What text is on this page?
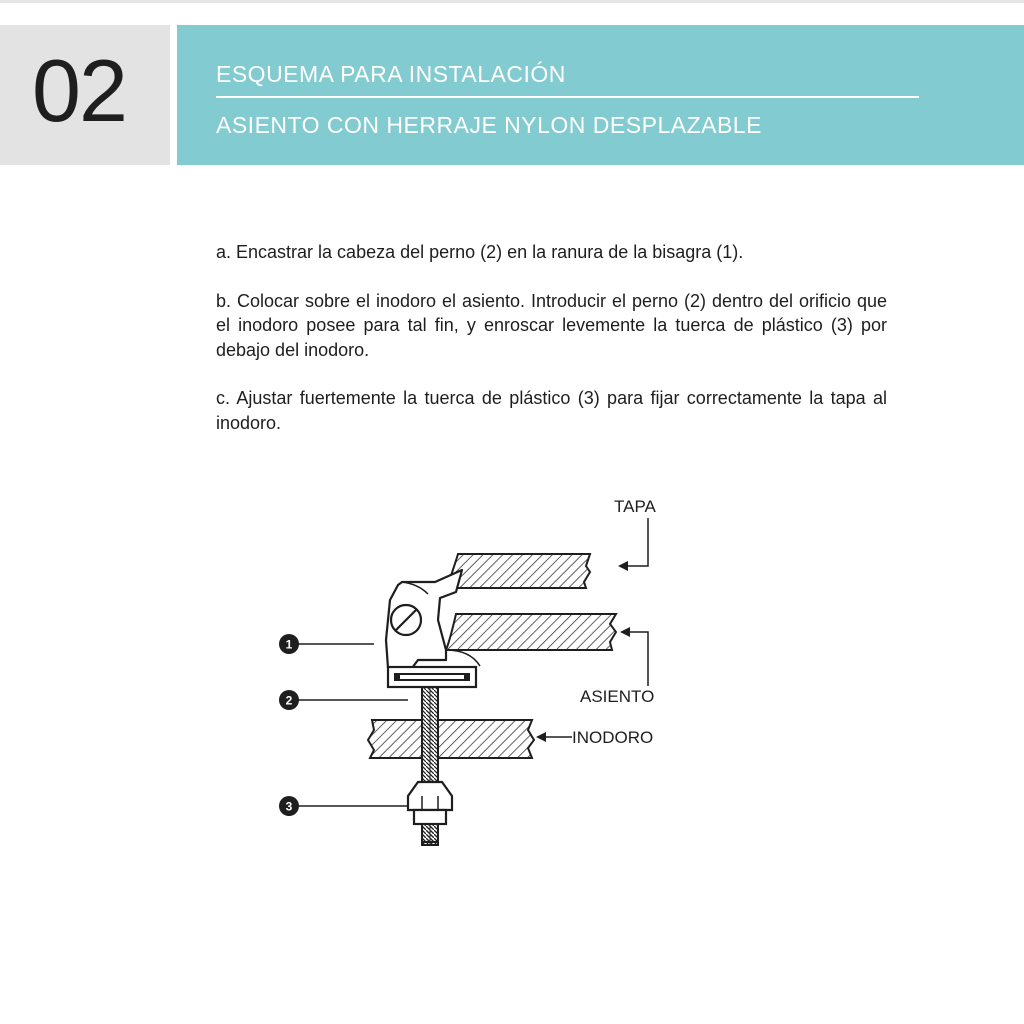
02	ESQUEMA PARA INSTALACIÓN
ASIENTO CON HERRAJE NYLON DESPLAZABLE

a. Encastrar la cabeza del perno (2) en la ranura de la bisagra (1).

b. Colocar sobre el inodoro el asiento. Introducir el perno (2) dentro del orificio que el inodoro posee para tal fin, y enroscar levemente la tuerca de plástico (3) por debajo del inodoro.

c. Ajustar fuertemente la tuerca de plástico (3) para fijar correctamente la tapa al inodoro.

TAPA
ASIENTO
INODORO
1
2
3
